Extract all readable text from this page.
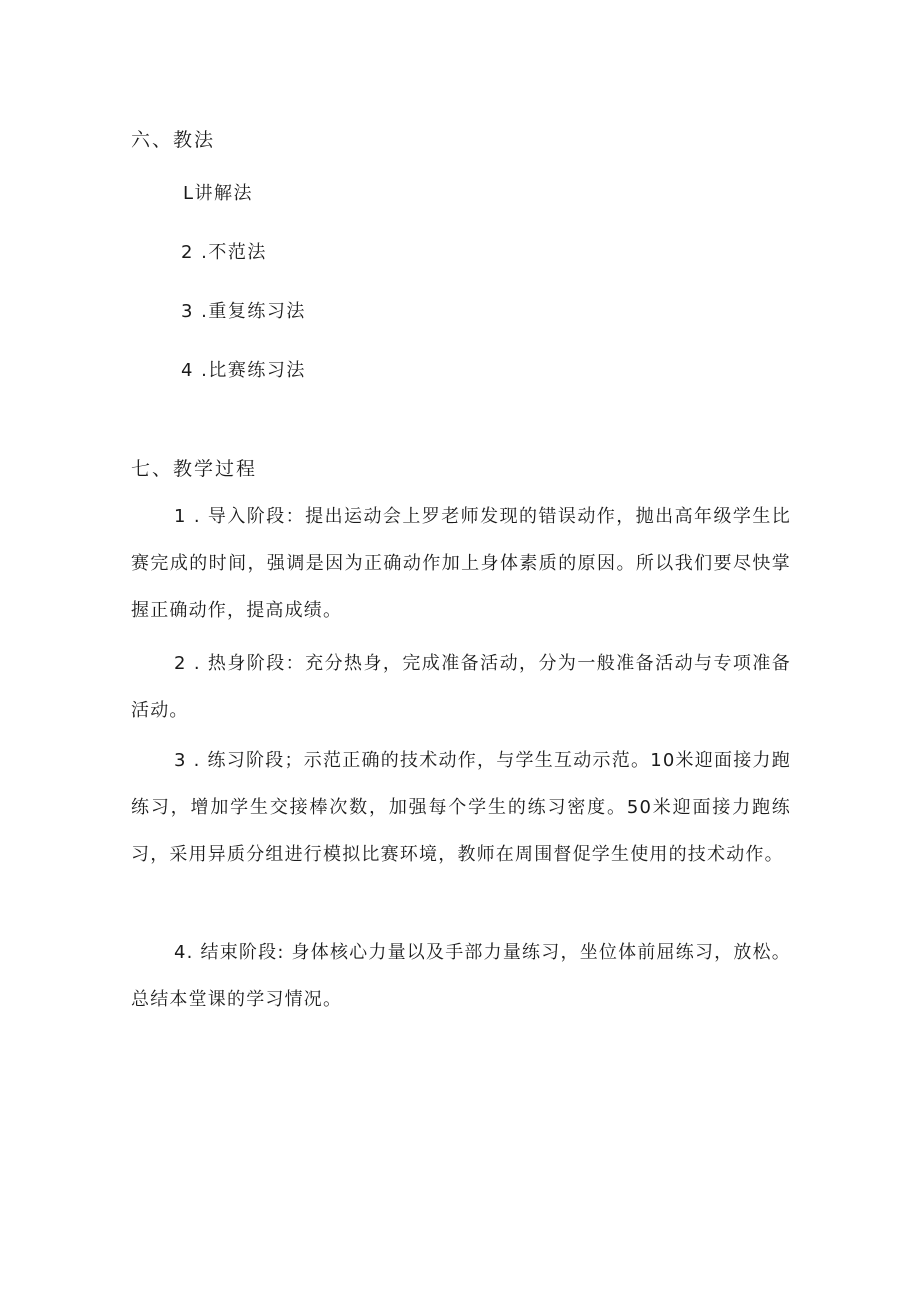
六、教法
L讲解法
2 .不范法
3 .重复练习法
4 .比赛练习法
七、教学过程

1 . 导入阶段：提出运动会上罗老师发现的错误动作，抛出高年级学生比赛完成的时间，强调是因为正确动作加上身体素质的原因。所以我们要尽快掌握正确动作，提高成绩。

2 . 热身阶段：充分热身，完成准备活动，分为一般准备活动与专项准备活动。

3 . 练习阶段；示范正确的技术动作，与学生互动示范。10米迎面接力跑练习，增加学生交接棒次数，加强每个学生的练习密度。50米迎面接力跑练习，采用异质分组进行模拟比赛环境，教师在周围督促学生使用的技术动作。

4. 结束阶段: 身体核心力量以及手部力量练习，坐位体前屈练习，放松。总结本堂课的学习情况。
